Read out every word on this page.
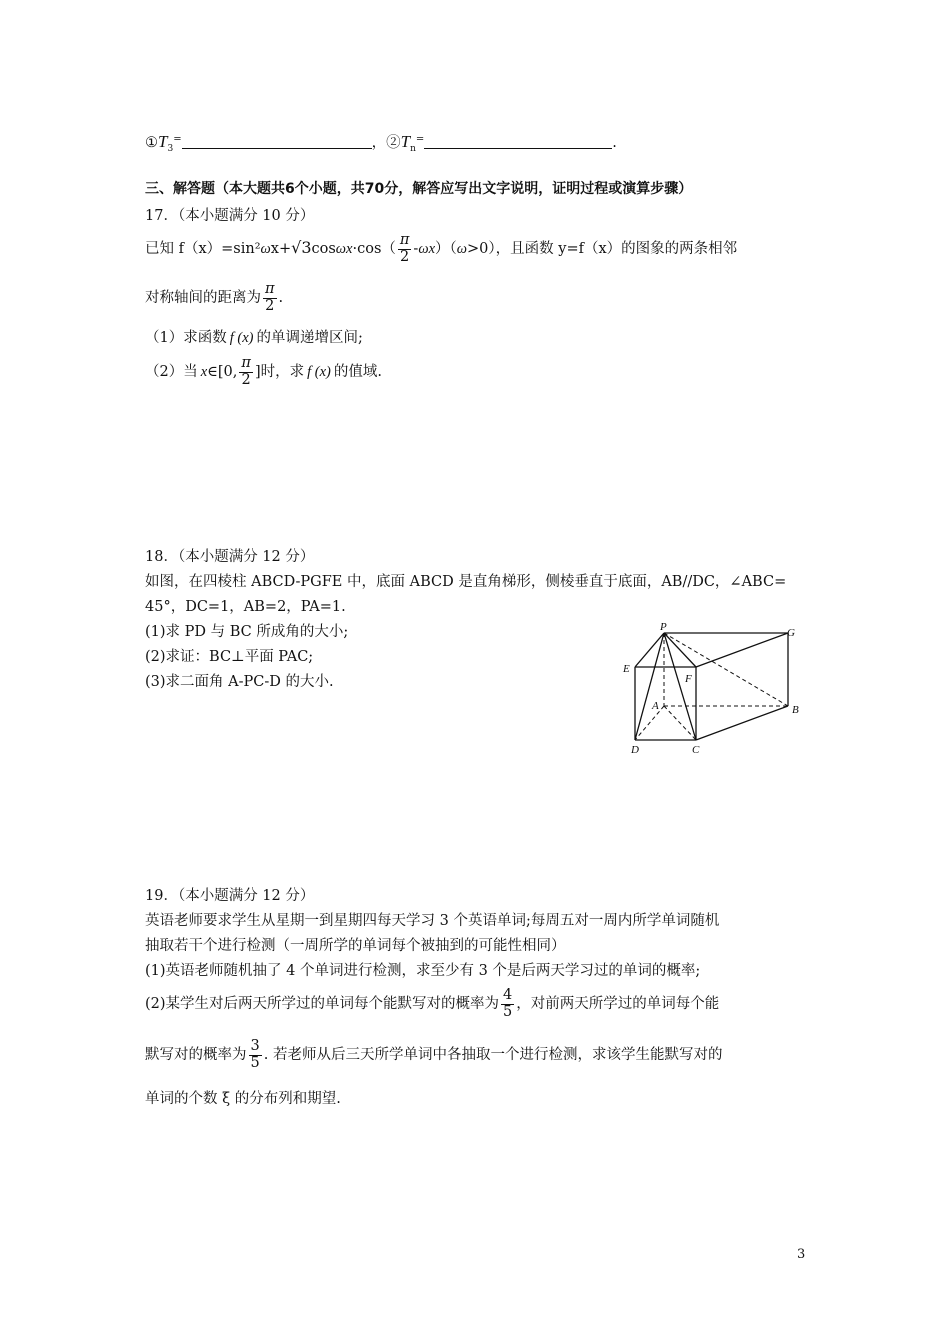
$①T_3^=$	，$②T_n^=$	.
三、解答题（本大题共6个小题，共70分，解答应写出文字说明，证明过程或演算步骤）
17．（本小题满分 10 分）
已知 $f(x)=\sin^2\omega x+√3\cos\omega x\cdot\cos( \frac{\pi}{2} -\omega x)(\omega>0)$，且函数 y=f（x）的图象的两条相邻
对称轴间的距离为 $\frac{\pi}{2}$ .
（1）求函数 f (x) 的单调递增区间;
（2）当 x∈[0, $\frac{\pi}{2}$ ]时，求 f (x) 的值域.
18．（本小题满分 12 分）
如图，在四棱柱 ABCD-PGFE 中，底面 ABCD 是直角梯形，侧棱垂直于底面，AB//DC，∠ABC=
45°，DC=1，AB=2，PA=1.
(1)求 PD 与 BC 所成角的大小;
(2)求证：BC⊥平面 PAC;
(3)求二面角 A-PC-D 的大小.
P	G
E
F
A	B
D	C
19．（本小题满分 12 分）
英语老师要求学生从星期一到星期四每天学习 3 个英语单词;每周五对一周内所学单词随机
抽取若干个进行检测（一周所学的单词每个被抽到的可能性相同）
(1)英语老师随机抽了 4 个单词进行检测，求至少有 3 个是后两天学习过的单词的概率;
(2)某学生对后两天所学过的单词每个能默写对的概率为 $\frac{4}{5}$ ，对前两天所学过的单词每个能
默写对的概率为 $\frac{3}{5}$ . 若老师从后三天所学单词中各抽取一个进行检测，求该学生能默写对的
单词的个数 ξ 的分布列和期望.
3
